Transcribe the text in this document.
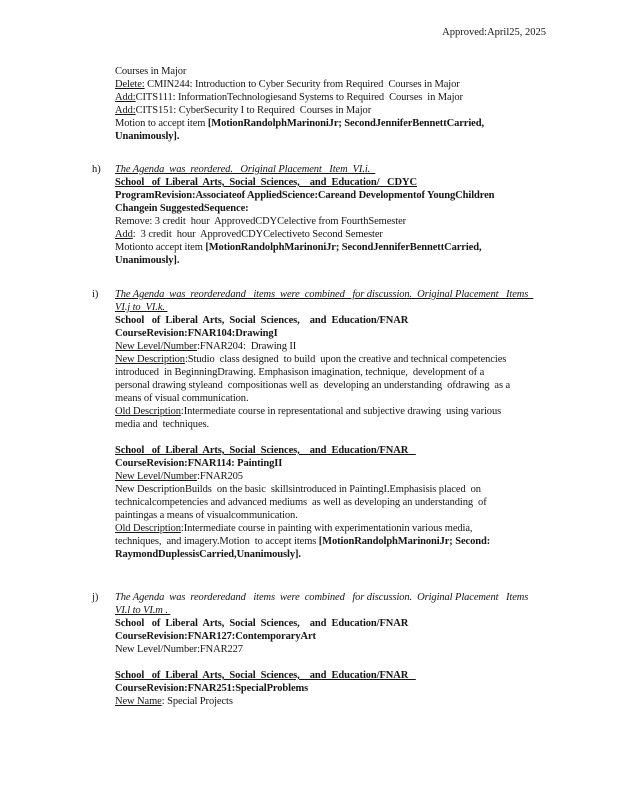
Approved:April25, 2025
Courses in Major
Delete: CMIN244: Introduction to Cyber Security from Required  Courses in Major
Add:CITS111: InformationTechnologiesand Systems to Required  Courses  in Major
Add:CITS151: CyberSecurity I to Required  Courses in Major
Motion to accept item [MotionRandolphMarinoniJr; SecondJenniferBennettCarried,
Unanimously].
h) The Agenda  was  reordered.   Original Placement   Item  VI.i.
School   of  Liberal  Arts,  Social  Sciences,    and  Education/   CDYC
ProgramRevision:Associateof AppliedScience:Careand Developmentof YoungChildren
Changein SuggestedSequence:
Remove: 3 credit  hour  ApprovedCDYCelective from FourthSemester
Add:  3 credit  hour  ApprovedCDYCelectiveto Second Semester
Motionto accept item [MotionRandolphMarinoniJr; SecondJenniferBennettCarried,
Unanimously].
i) The Agenda  was  reorderedand   items  were  combined   for discussion.  Original Placement   Items
VI.j to  VI.k.
School   of  Liberal  Arts,  Social  Sciences,    and  Education/FNAR
CourseRevision:FNAR104:DrawingI
New Level/Number:FNAR204:  Drawing II
New Description:Studio  class designed  to build  upon the creative and technical competencies
introduced  in BeginningDrawing. Emphasison imagination, technique,  development of a
personal drawing styleand  compositionas well as  developing an understanding  ofdrawing  as a
means of visual communication.
Old Description:Intermediate course in representational and subjective drawing  using various
media and  techniques.
School   of  Liberal  Arts,  Social  Sciences,    and  Education/FNAR
CourseRevision:FNAR114: PaintingII
New Level/Number:FNAR205
New DescriptionBuilds  on the basic  skillsintroduced in PaintingI.Emphasisis placed  on
technicalcompetencies and advanced mediums  as well as developing an understanding  of
paintingas a means of visualcommunication.
Old Description:Intermediate course in painting with experimentationin various media,
techniques,  and imagery.Motion  to accept items [MotionRandolphMarinoniJr; Second:
RaymondDuplessisCarried,Unanimously].
j) The Agenda  was  reorderedand   items  were  combined   for discussion.  Original Placement   Items
VI.l to VI.m .
School   of  Liberal  Arts,  Social  Sciences,    and  Education/FNAR
CourseRevision:FNAR127:ContemporaryArt
New Level/Number:FNAR227
School   of  Liberal  Arts,  Social  Sciences,    and  Education/FNAR
CourseRevision:FNAR251:SpecialProblems
New Name: Special Projects
